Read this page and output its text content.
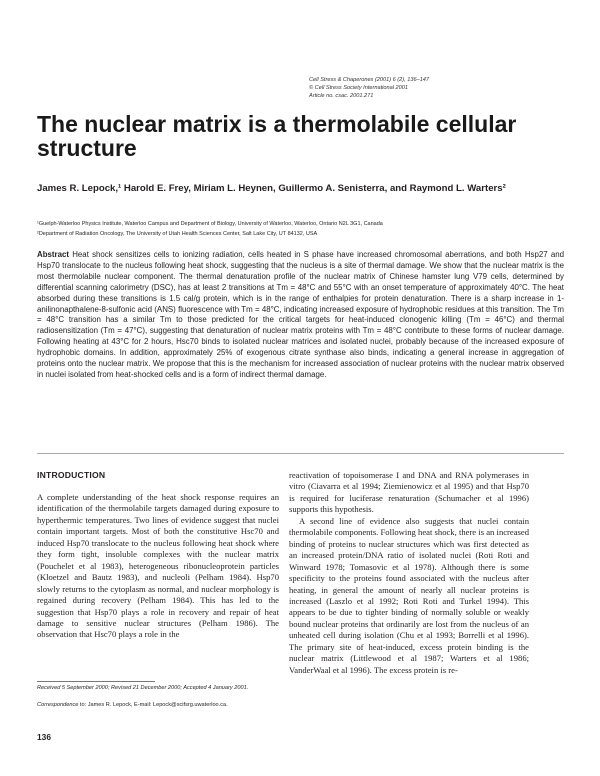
Cell Stress & Chaperones (2001) 6 (2), 136–147
© Cell Stress Society International 2001
Article no. csac. 2001.271
The nuclear matrix is a thermolabile cellular structure
James R. Lepock,¹ Harold E. Frey, Miriam L. Heynen, Guillermo A. Senisterra, and Raymond L. Warters²
¹Guelph-Waterloo Physics Institute, Waterloo Campus and Department of Biology, University of Waterloo, Waterloo, Ontario N2L 3G1, Canada
²Department of Radiation Oncology, The University of Utah Health Sciences Center, Salt Lake City, UT 84132, USA
Abstract Heat shock sensitizes cells to ionizing radiation, cells heated in S phase have increased chromosomal aberrations, and both Hsp27 and Hsp70 translocate to the nucleus following heat shock, suggesting that the nucleus is a site of thermal damage. We show that the nuclear matrix is the most thermolabile nuclear component. The thermal denaturation profile of the nuclear matrix of Chinese hamster lung V79 cells, determined by differential scanning calorimetry (DSC), has at least 2 transitions at Tm = 48°C and 55°C with an onset temperature of approximately 40°C. The heat absorbed during these transitions is 1.5 cal/g protein, which is in the range of enthalpies for protein denaturation. There is a sharp increase in 1-anilinonapthalene-8-sulfonic acid (ANS) fluorescence with Tm = 48°C, indicating increased exposure of hydrophobic residues at this transition. The Tm = 48°C transition has a similar Tm to those predicted for the critical targets for heat-induced clonogenic killing (Tm = 46°C) and thermal radiosensitization (Tm = 47°C), suggesting that denaturation of nuclear matrix proteins with Tm = 48°C contribute to these forms of nuclear damage. Following heating at 43°C for 2 hours, Hsc70 binds to isolated nuclear matrices and isolated nuclei, probably because of the increased exposure of hydrophobic domains. In addition, approximately 25% of exogenous citrate synthase also binds, indicating a general increase in aggregation of proteins onto the nuclear matrix. We propose that this is the mechanism for increased association of nuclear proteins with the nuclear matrix observed in nuclei isolated from heat-shocked cells and is a form of indirect thermal damage.
INTRODUCTION

A complete understanding of the heat shock response requires an identification of the thermolabile targets damaged during exposure to hyperthermic temperatures. Two lines of evidence suggest that nuclei contain important targets. Most of both the constitutive Hsc70 and induced Hsp70 translocate to the nucleus following heat shock where they form tight, insoluble complexes with the nuclear matrix (Pouchelet et al 1983), heterogeneous ribonucleoprotein particles (Kloetzel and Bautz 1983), and nucleoli (Pelham 1984). Hsp70 slowly returns to the cytoplasm as normal, and nuclear morphology is regained during recovery (Pelham 1984). This has led to the suggestion that Hsp70 plays a role in recovery and repair of heat damage to sensitive nuclear structures (Pelham 1986). The observation that Hsc70 plays a role in the

reactivation of topoisomerase I and DNA and RNA polymerases in vitro (Ciavarra et al 1994; Ziemienowicz et al 1995) and that Hsp70 is required for luciferase renaturation (Schumacher et al 1996) supports this hypothesis.

A second line of evidence also suggests that nuclei contain thermolabile components. Following heat shock, there is an increased binding of proteins to nuclear structures which was first detected as an increased protein/DNA ratio of isolated nuclei (Roti Roti and Winward 1978; Tomasovic et al 1978). Although there is some specificity to the proteins found associated with the nucleus after heating, in general the amount of nearly all nuclear proteins is increased (Laszlo et al 1992; Roti Roti and Turkel 1994). This appears to be due to tighter binding of normally soluble or weakly bound nuclear proteins that ordinarily are lost from the nucleus of an unheated cell during isolation (Chu et al 1993; Borrelli et al 1996). The primary site of heat-induced, excess protein binding is the nuclear matrix (Littlewood et al 1987; Warters et al 1986; VanderWaal et al 1996). The excess protein is re-

Received 5 September 2000; Revised 21 December 2000; Accepted 4 January 2001.
Correspondence to: James R. Lepock, E-mail: Lepock@scifsrg.uwaterloo.ca.
136
